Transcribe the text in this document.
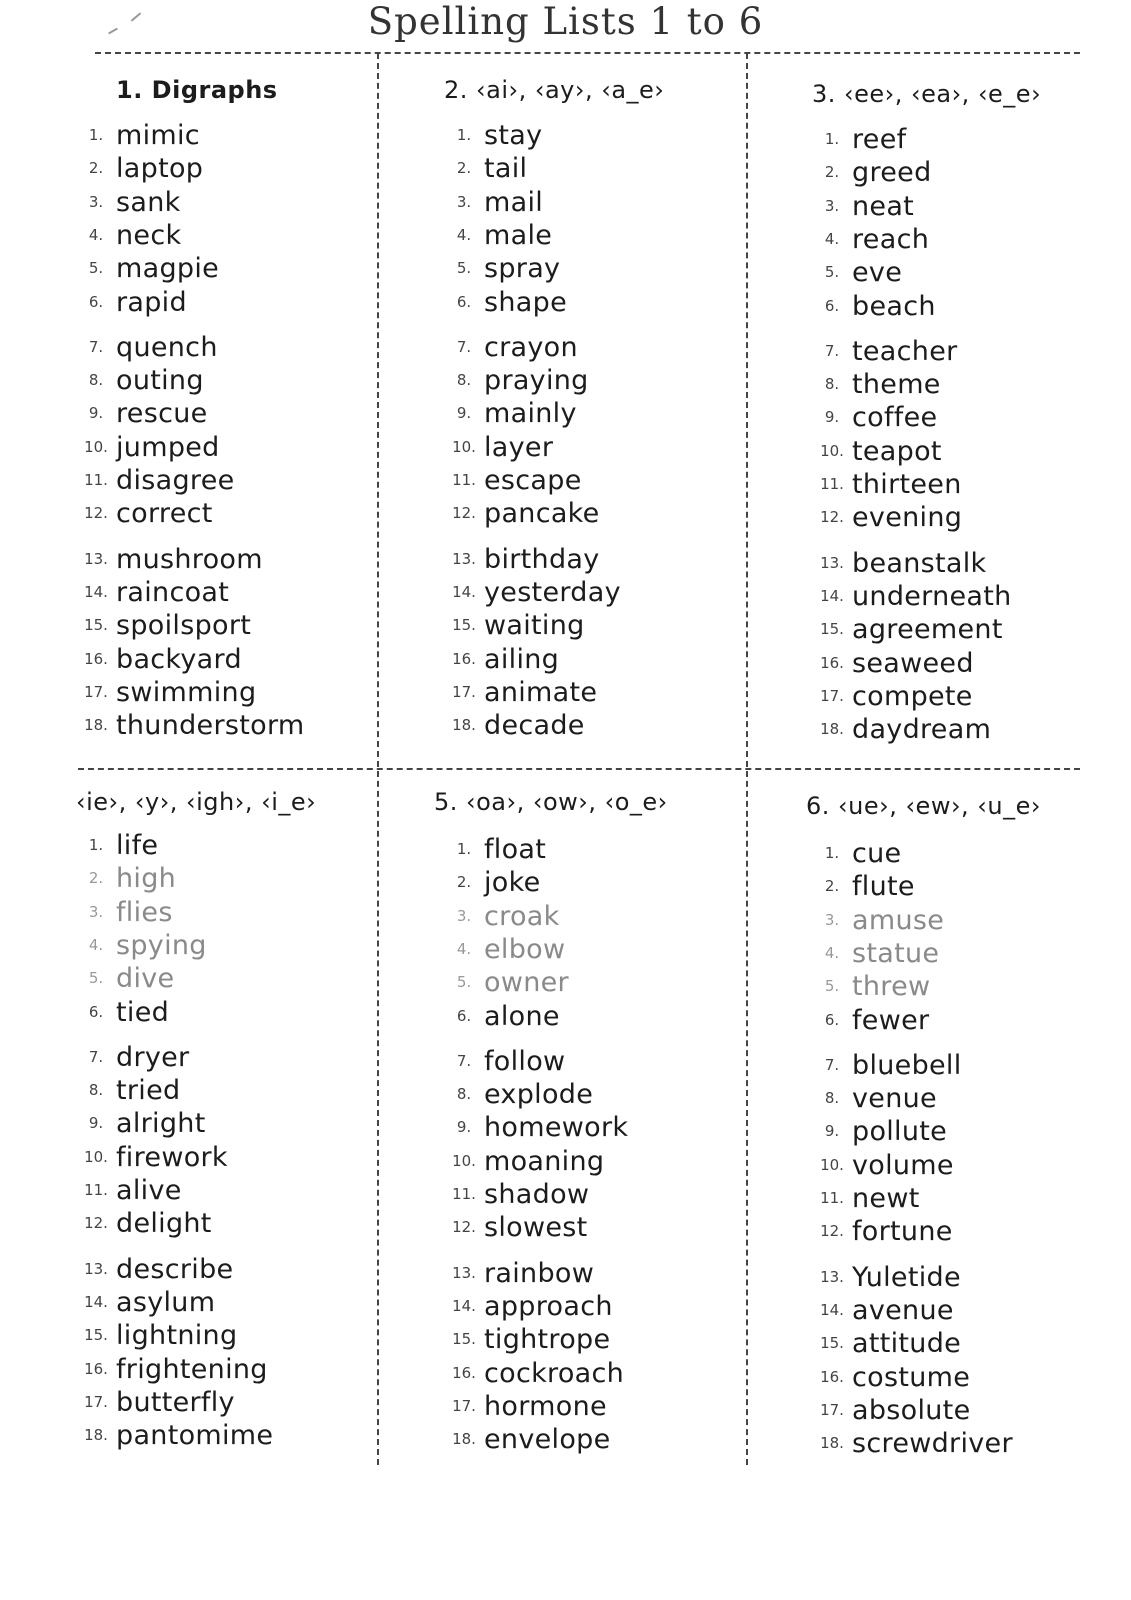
Spelling Lists 1 to 6
1. Digraphs	2. ‹ai›, ‹ay›, ‹a_e›	3. ‹ee›, ‹ea›, ‹e_e›
‹ie›, ‹y›, ‹igh›, ‹i_e›	5. ‹oa›, ‹ow›, ‹o_e›	6. ‹ue›, ‹ew›, ‹u_e›
1. mimic
2. laptop
3. sank
4. neck
5. magpie
6. rapid
7. quench
8. outing
9. rescue
10. jumped
11. disagree
12. correct
13. mushroom
14. raincoat
15. spoilsport
16. backyard
17. swimming
18. thunderstorm
1. stay
2. tail
3. mail
4. male
5. spray
6. shape
7. crayon
8. praying
9. mainly
10. layer
11. escape
12. pancake
13. birthday
14. yesterday
15. waiting
16. ailing
17. animate
18. decade
1. reef
2. greed
3. neat
4. reach
5. eve
6. beach
7. teacher
8. theme
9. coffee
10. teapot
11. thirteen
12. evening
13. beanstalk
14. underneath
15. agreement
16. seaweed
17. compete
18. daydream
1. life
2. high
3. flies
4. spying
5. dive
6. tied
7. dryer
8. tried
9. alright
10. firework
11. alive
12. delight
13. describe
14. asylum
15. lightning
16. frightening
17. butterfly
18. pantomime
1. float
2. joke
3. croak
4. elbow
5. owner
6. alone
7. follow
8. explode
9. homework
10. moaning
11. shadow
12. slowest
13. rainbow
14. approach
15. tightrope
16. cockroach
17. hormone
18. envelope
1. cue
2. flute
3. amuse
4. statue
5. threw
6. fewer
7. bluebell
8. venue
9. pollute
10. volume
11. newt
12. fortune
13. Yuletide
14. avenue
15. attitude
16. costume
17. absolute
18. screwdriver
